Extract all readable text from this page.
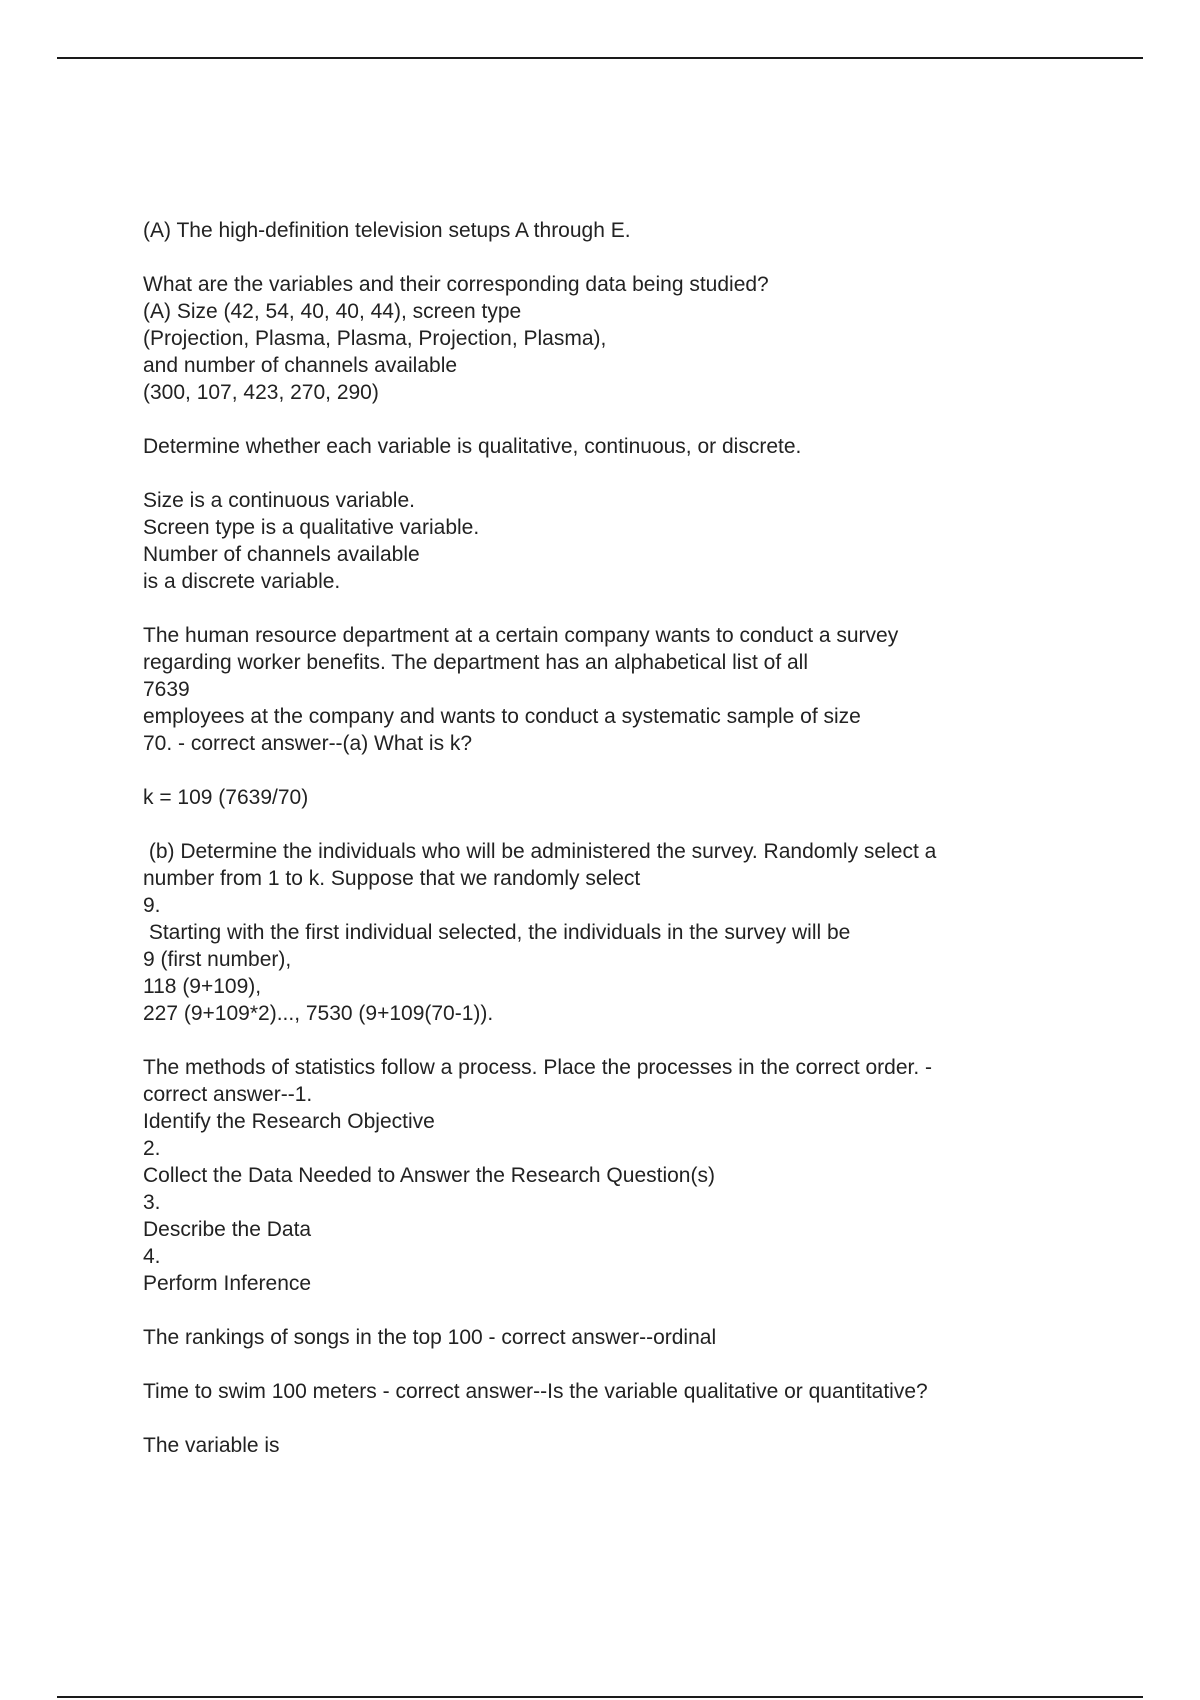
(A) The high-definition television setups A through E.
What are the variables and their corresponding data being studied?
(A) Size (42, 54, 40, 40, 44), screen type
(Projection, Plasma, Plasma, Projection, Plasma),
and number of channels available
(300, 107, 423, 270, 290)
Determine whether each variable is qualitative, continuous, or discrete.
Size is a continuous variable.
Screen type is a qualitative variable.
Number of channels available
is a discrete variable.
The human resource department at a certain company wants to conduct a survey
regarding worker benefits. The department has an alphabetical list of all
7639
employees at the company and wants to conduct a systematic sample of size
70. - correct answer--(a) What is k?
k = 109 (7639/70)
(b) Determine the individuals who will be administered the survey. Randomly select a
number from 1 to k. Suppose that we randomly select
9.
Starting with the first individual selected, the individuals in the survey will be
9 (first number),
118 (9+109),
227 (9+109*2)..., 7530 (9+109(70-1)).
The methods of statistics follow a process. Place the processes in the correct order. -
correct answer--1.
Identify the Research Objective
2.
Collect the Data Needed to Answer the Research Question(s)
3.
Describe the Data
4.
Perform Inference
The rankings of songs in the top 100 - correct answer--ordinal
Time to swim 100 meters - correct answer--Is the variable qualitative or quantitative?
The variable is
